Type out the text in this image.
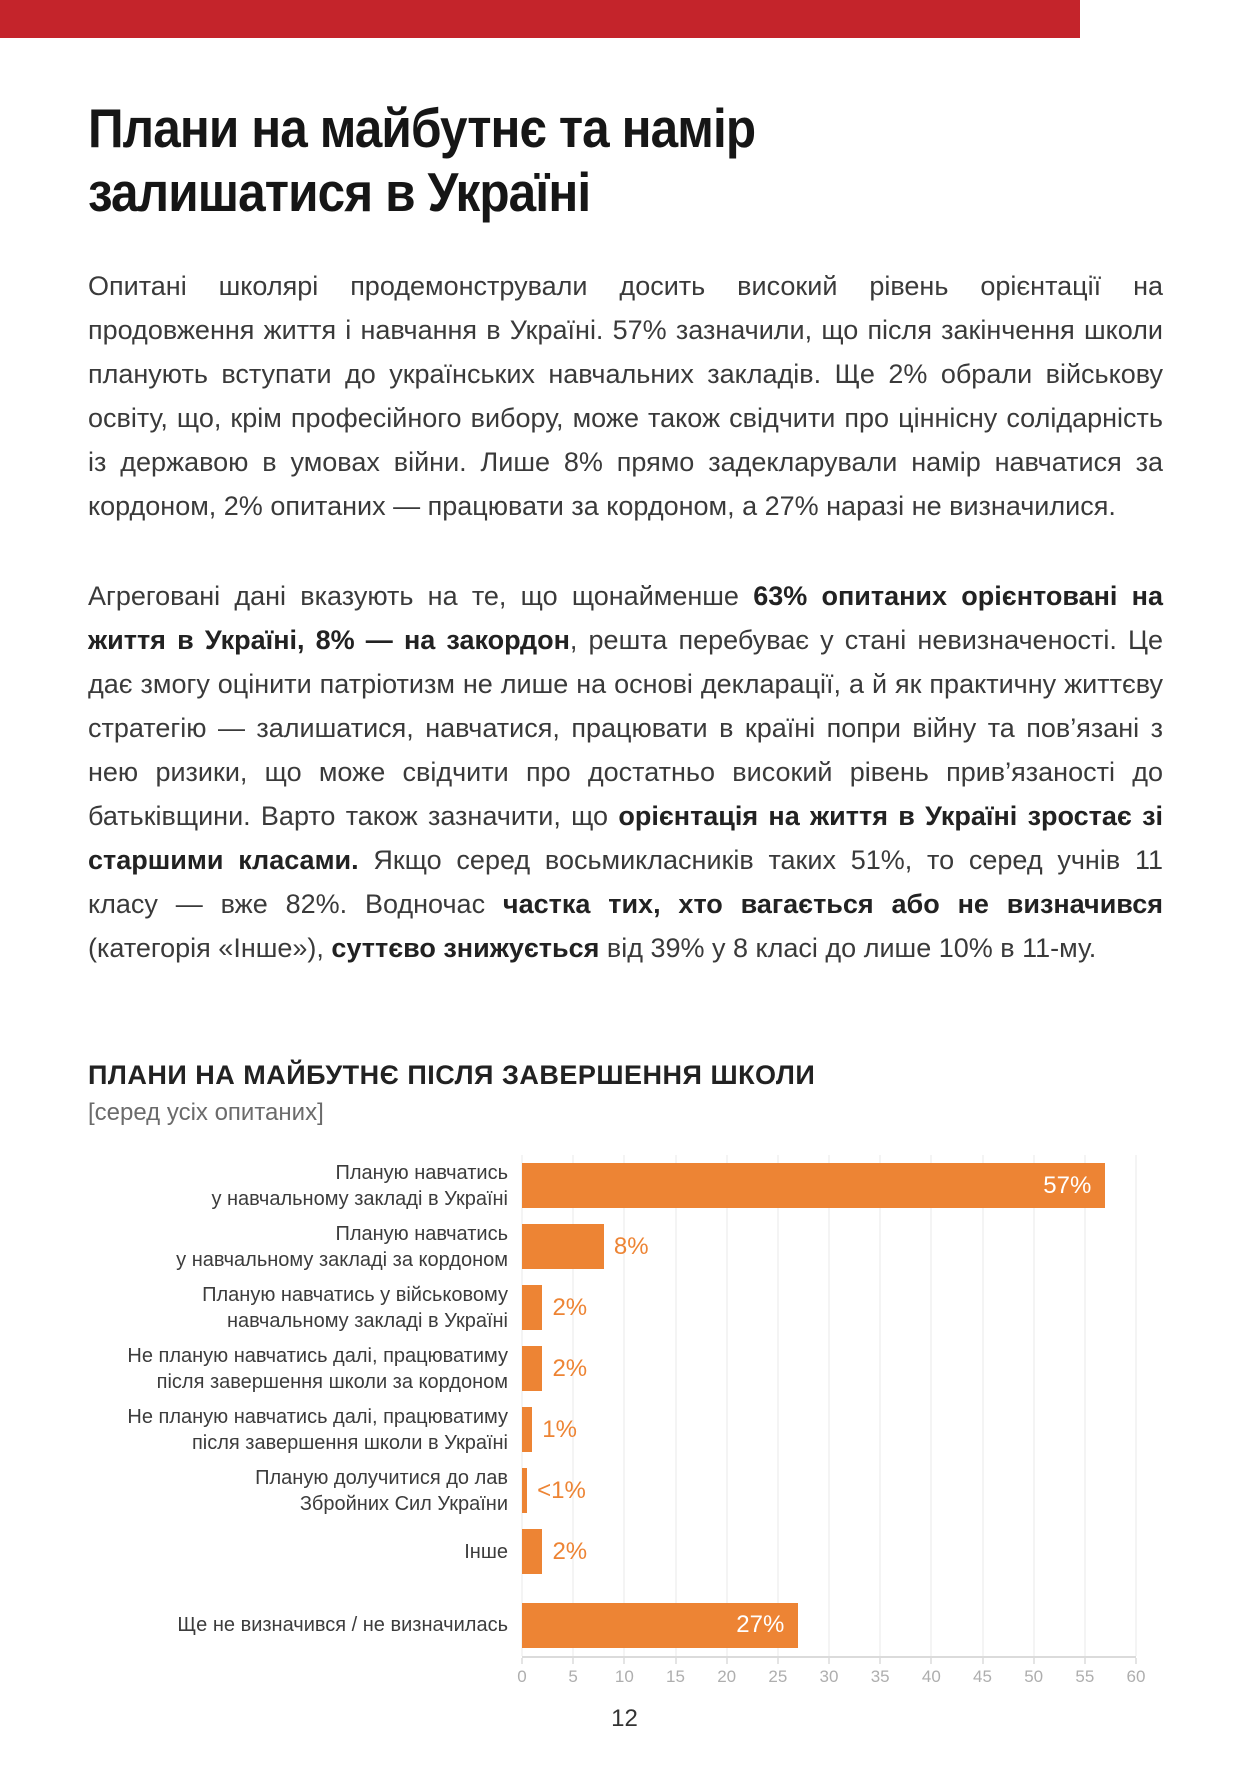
Плани на майбутнє та намір
залишатися в Україні

Опитані школярі продемонстрували досить високий рівень орієнтації на продовження життя і навчання в Україні. 57% зазначили, що після закінчення школи планують вступати до українських навчальних закладів. Ще 2% обрали військову освіту, що, крім професійного вибору, може також свідчити про ціннісну солідарність із державою в умовах війни. Лише 8% прямо задекларували намір навчатися за кордоном, 2% опитаних — працювати за кордоном, а 27% наразі не визначилися.

Агреговані дані вказують на те, що щонайменше 63% опитаних орієнтовані на життя в Україні, 8% — на закордон, решта перебуває у стані невизначеності. Це дає змогу оцінити патріотизм не лише на основі декларації, а й як практичну життєву стратегію — залишатися, навчатися, працювати в країні попри війну та пов’язані з нею ризики, що може свідчити про достатньо високий рівень прив’язаності до батьківщини. Варто також зазначити, що орієнтація на життя в Україні зростає зі старшими класами. Якщо серед восьмикласників таких 51%, то серед учнів 11 класу — вже 82%. Водночас частка тих, хто вагається або не визначився (категорія «Інше»), суттєво знижується від 39% у 8 класі до лише 10% в 11-му.

ПЛАНИ НА МАЙБУТНЄ ПІСЛЯ ЗАВЕРШЕННЯ ШКОЛИ
[серед усіх опитаних]
Планую навчатись
у навчальному закладі в Україні	57%
Планую навчатись
у навчальному закладі за кордоном	8%
Планую навчатись у військовому
навчальному закладі в Україні 2%
Не планую навчатись далі, працюватиму
після завершення школи за кордоном 2%
Не планую навчатись далі, працюватиму
після завершення школи в Україні 1%
Планую долучитися до лав
Збройних Сил України <1%
Інше 2%
Ще не визначився / не визначилась	27%
0 5 10 15 20 25 30 35 40 45 50 55 60
12
